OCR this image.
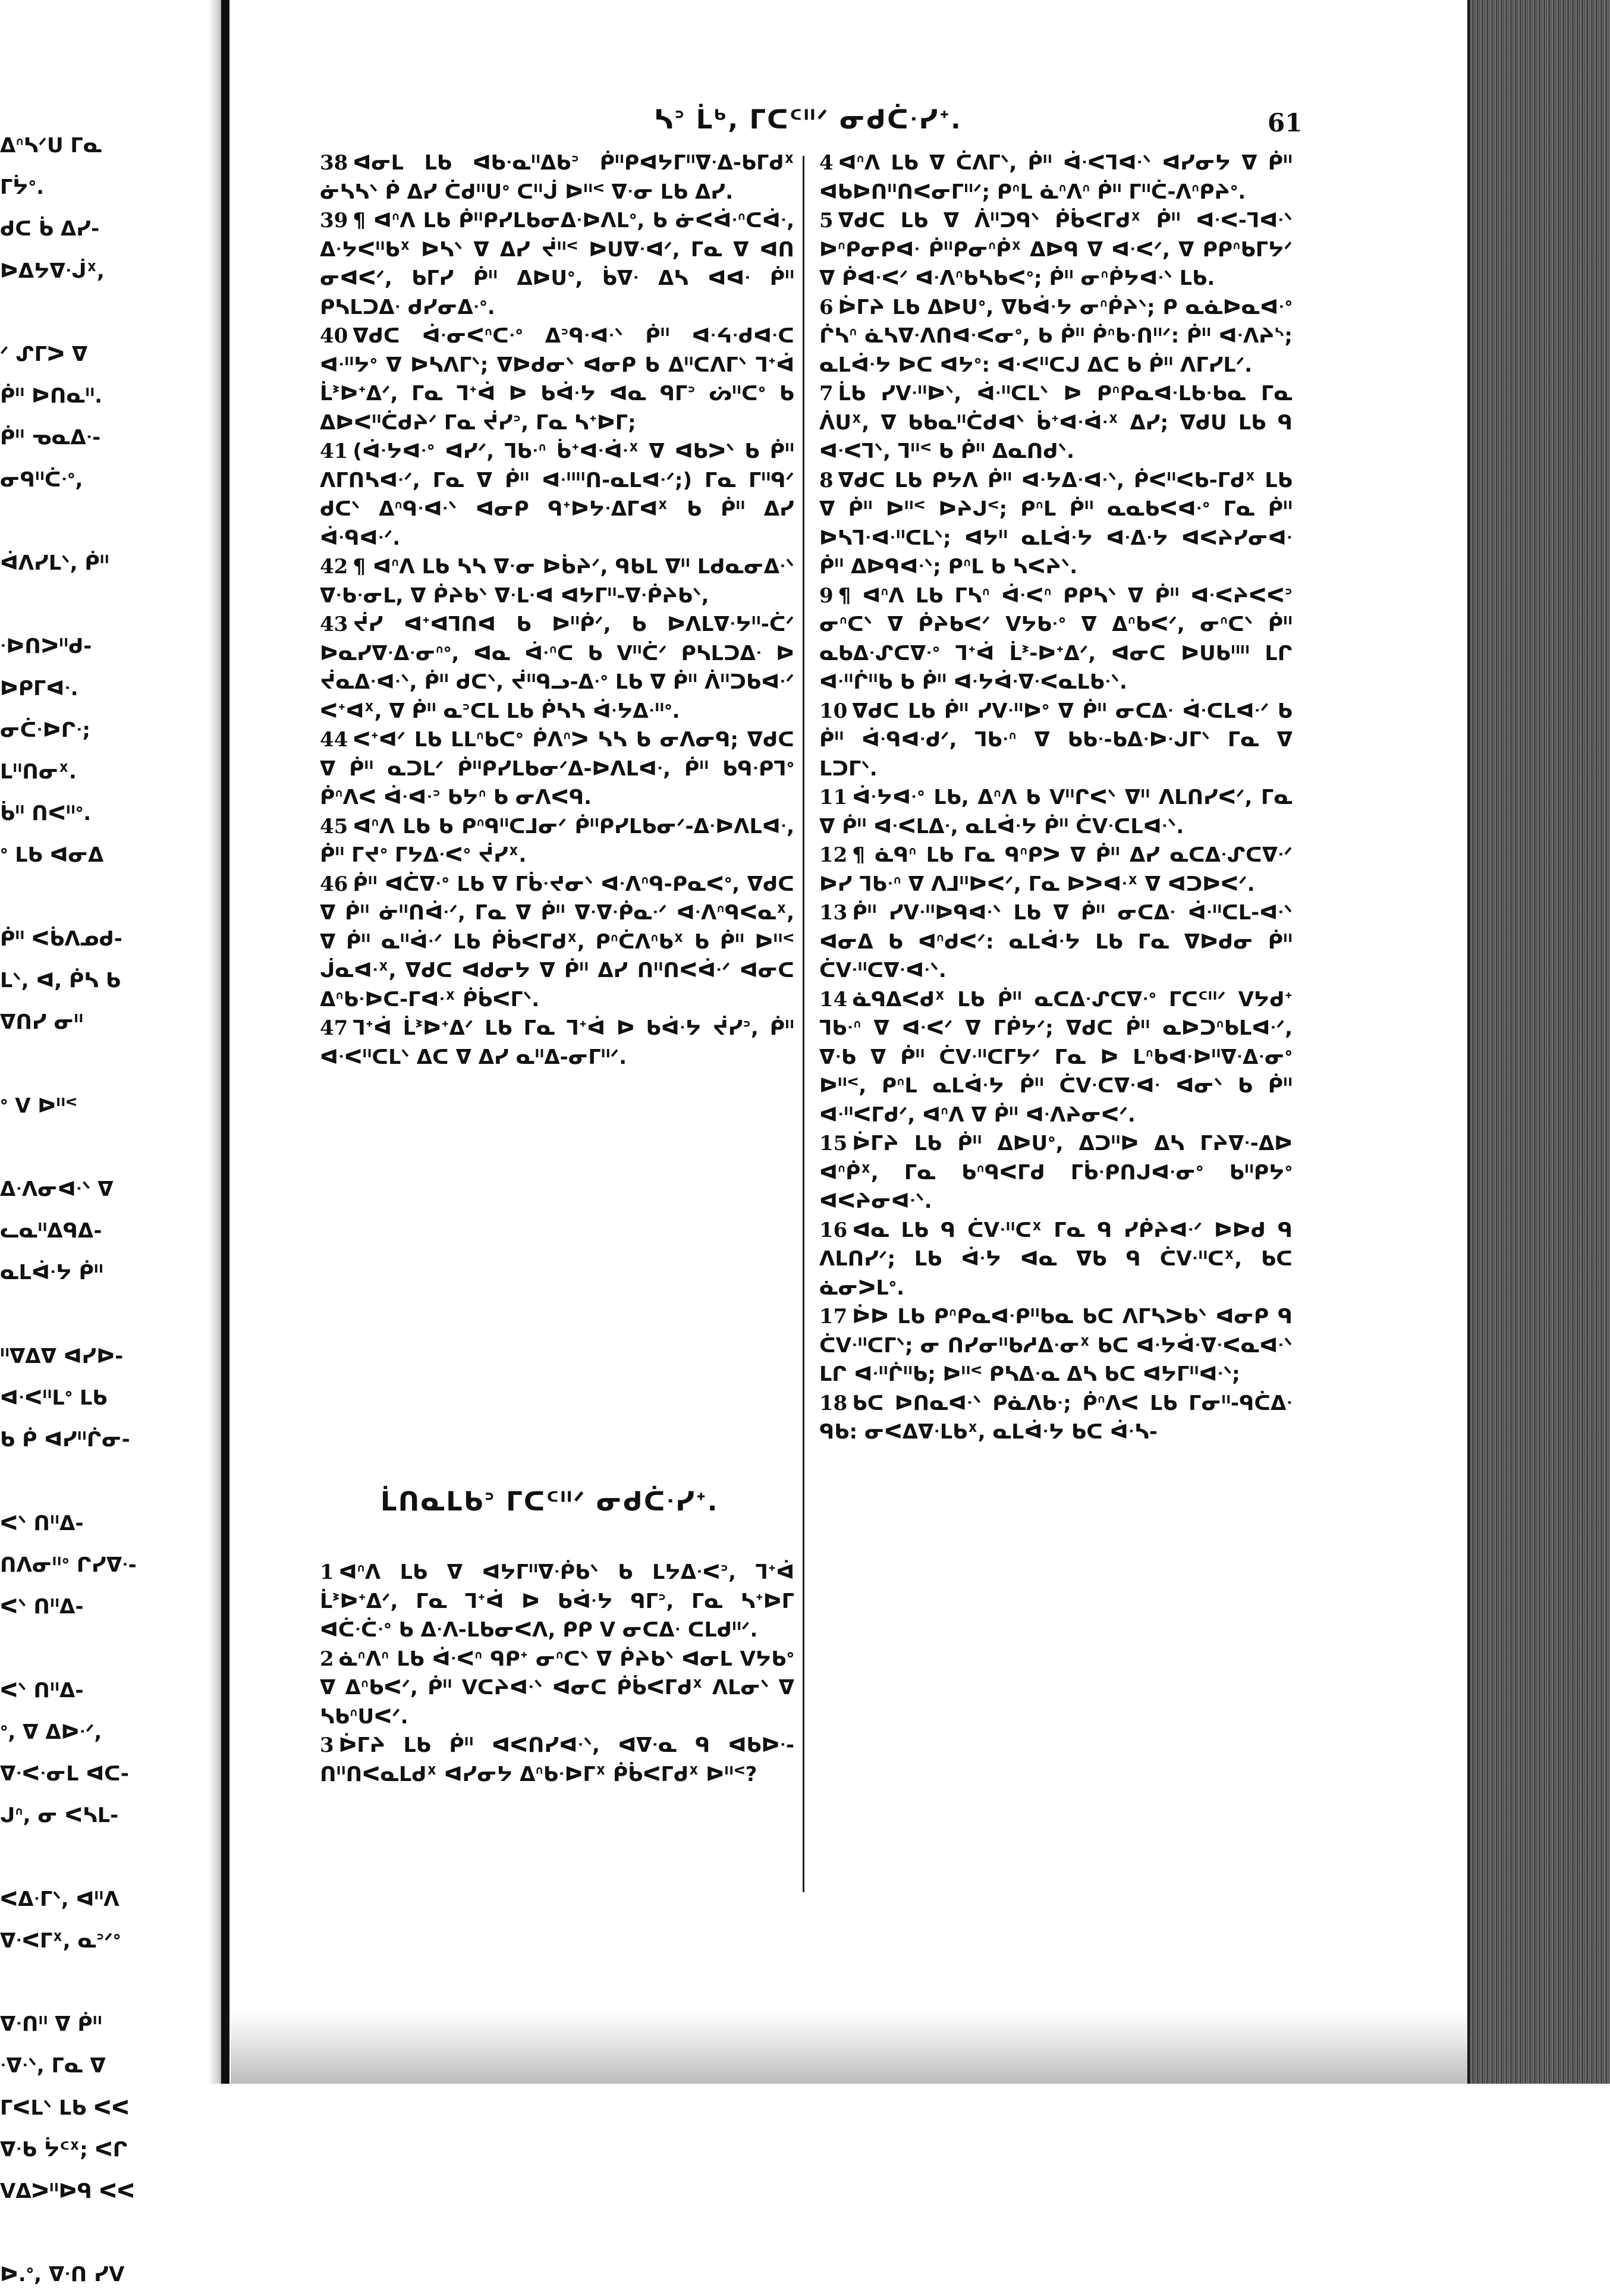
ᐃᐢᓴᐟᑌ ᒥᓇ
ᒥᔮᐤ.
ᑯᑕ ᑳ ᐃᓯ-
ᐅᐃᔭᐁᐧᒎᕽ,

ᐟ ᔑᒥᐳ ᐁ
ᑮᐦ ᐅᑎᓇᐦ.
ᑮᐦ ᓀᓇᐃᐧ-
ᓂᑫᐦᑖᐧᐤ,

ᐋᐱᓯᒪᐠ, ᑮᐦ

ᐧᐅᑎᐳᐦᑯ-
ᐅᑭᒥᐊᐧ.
ᓂᑖᐧᐅᒋᐧ;
ᒪᐦᑎᓂᕽ.
ᑳᐦ ᑎᐸᐦᐤ.
ᐤ ᒪᑲ ᐊᓂᐃ

ᑮᐦ ᐸᑳᐱᓄᑯ-
ᒪᐠ, ᐊ, ᑮᓴ ᑲ
ᐁᑎᓯ ᓂᐦ

ᐤ ᐯ ᐅᐦᑉ

ᐃᐧᐱᓂᐊᐧᐠ ᐁ
ᓚᓇᐦᐃᑫᐃ-
ᓇᒪᐋᐧᔭ ᑮᐦ

ᐦᐁᐃᐁ ᐊᓯᐅ-
ᐊᐧᐸᐦᒪᐤ ᒪᑲ
ᑲ ᑮ ᐊᓯᐦᒌᓂ-

ᐸᐠ ᑎᐦᐃ-
ᑎᐱᓂᐦᐤ ᒋᓯᐁᐧ-
ᐸᐠ ᑎᐦᐃ-

ᐸᐠ ᑎᐦᐃ-
ᐤ, ᐁ ᐃᐅᐧᐟ,
ᐁᐧᐸᐧᓂᒪ ᐊᑕ-
ᒍᐢ, ᓂ ᐸᓴᒪ-

ᐸᐃᐧᒥᐠ, ᐊᐦᐱ
ᐁᐧᐸᒥᕽ, ᓇᐣᐟᐤ

ᐁᐧᑎᐦ ᐁ ᑮᐦ
ᐧᐁᐧᐠ, ᒥᓇ ᐁ
ᒥᐸᒪᐠ ᒪᑲ ᐸᐸ
ᐁᐧᑲ ᔮᑦᕽ; ᐸᒋ
ᐯᐃᐳᐦᐅᑫ ᐸᐸ

ᐅ.ᐤ, ᐁᐧᑎ ᓯᐯ
ᓴᐣ ᒫᒃ, ᒥᑕᑦᐦᐟ ᓂᑯᑖᐧᓯᕀ.	61

38 ᐊᓂᒪ ᒪᑲ ᐊᑲᐧᓇᐦᐃᑲᐣ ᑮᐦᑭᐊᔭᒥᐦᐁᐧᐃ-ᑲᒥᑯᕽ ᓃᓴᓴᐠ ᑮ ᐃᓯ ᑖᑯᐦᑌᐤ ᑕᐦᒎ ᐅᐦᑉ ᐁᐧᓂ ᒪᑲ ᐃᓯ.

39 ¶ ᐊᐢᐱ ᒪᑲ ᑮᐦᑭᓯᒪᑲᓂᐃᐧᐅᐱᒪᐤ, ᑲ ᓃᐸᐋᐧᐢᑕᐋᐧ, ᐃᐧᔭᐸᐦᑲᕽ ᐅᓴᐠ ᐁ ᐃᓯ ᔫᐦᑉ ᐅᑌᐁᐧᐊᐟ, ᒥᓇ ᐁ ᐊᑎ ᓂᐊᐸᐟ, ᑲᒥᓯ ᑮᐦ ᐃᐅᑌᐤ, ᑳᐁᐧ ᐃᓴ ᐊᐊᐧ ᑮᐦ ᑭᓴᒪᑐᐃᐧ ᑯᓯᓂᐃᐧᐤ.

40 ᐁᑯᑕ ᐋᐧᓂᐸᐢᑕᐧᐤ ᐃᐣᑫᐧᐊᐧᐠ ᑮᐦ ᐊᐧᔦᐧᑯᐊᐧᑕ ᐊᐧᐦᔭᐤ ᐁ ᐅᓴᐱᒥᐠ; ᐁᐅᑯᓂᐠ ᐊᓂᑭ ᑲ ᐃᐦᑕᐱᒥᐠ ᒣᕀᐋ ᒫᕑᐅᕀᐃᐟ, ᒥᓇ ᒣᕀᐋ ᐅ ᑲᐋᐧᔭ ᐊᓇ ᑫᒥᐣ ᔖᐦᑕᐤ ᑲ ᐃᐅᐸᐦᑖᑯᔨᐟ ᒥᓇ ᔫᓯᐣ, ᒥᓇ ᓴᕀᐅᒥ;

41 (ᐋᐧᔭᐊᐧᐤ ᐊᓯᐟ, ᒣᑲᐧᐢ ᑳᕀᐊᐧᐋᐧᕽ ᐁ ᐊᑲᐳᐠ ᑲ ᑮᐦ ᐱᒥᑎᓴᐊᐧᐟ, ᒥᓇ ᐁ ᑮᐦ ᐊᐧᐦᐦᑎ-ᓇᒪᐊᐧᐟ;) ᒥᓇ ᒥᐦᑫᐟ ᑯᑕᐠ ᐃᐢᑫᐧᐊᐧᐠ ᐊᓂᑭ ᑫᕀᐅᔭᐧᐃᒥᐊᕽ ᑲ ᑮᐦ ᐃᓯ ᐋᐧᑫᐊᐧᐟ.

42 ¶ ᐊᐢᐱ ᒪᑲ ᓴᓴ ᐁᐧᓂ ᐅᑳᔨᐟ, ᑫᑲᒪ ᐁᐦ ᒪᑯᓇᓂᐃᐧᐠ ᐁᐧᑲᐧᓂᒪ, ᐁ ᑮᔨᑲᐠ ᐁᐧᒪᐧᐊ ᐊᔭᒥᐦ-ᐁᐧᑮᔨᑲᐠ,

43 ᔫᓯ ᐊᕀᐊᒣᑎᐊ ᑲ ᐅᐦᑮᐟ, ᑲ ᐅᐱᒪᐁᐧᔭᐦ-ᑖᐟ ᐅᓇᓯᐁᐧᐃᐧᓂᐢᐤ, ᐊᓇ ᐋᐧᐢᑕ ᑲ ᐯᐦᑖᐟ ᑭᓴᒪᑐᐃᐧ ᐅ ᔫᓇᐃᐧᐊᐧᐠ, ᑮᐦ ᑯᑕᐠ, ᔫᐦᑫᓗ-ᐃᐧᐤ ᒪᑲ ᐁ ᑮᐦ ᐲᐦᑐᑲᐊᐧᐟ ᐸᕀᐊᕽ, ᐁ ᑮᐦ ᓇᐣᑕᒪ ᒪᑲ ᑮᓴᓴ ᐋᐧᔭᐃᐧᐦᐤ.

44 ᐸᕀᐊᐟ ᒪᑲ ᒪᒪᐢᑲᑕᐤ ᑮᐱᐢᐳ ᓴᓴ ᑲ ᓂᐱᓂᑫ; ᐁᑯᑕ ᐁ ᑮᐦ ᓇᑐᒪᐟ ᑮᐦᑭᓯᒪᑲᓂᐟᐃ-ᐅᐱᒪᐊᐧ, ᑮᐦ ᑲᑫᐧᑭᒣᐤ ᑮᐢᐱᐸ ᐋᐧᐊᐧᐣ ᑲᔭᐢ ᑲ ᓂᐱᐸᑫ.

45 ᐊᐢᐱ ᒪᑲ ᑲ ᑭᐢᑫᐦᑕᒧᓂᐟ ᑮᐦᑭᓯᒪᑲᓂᐟ-ᐃᐧᐅᐱᒪᐊᐧ, ᑮᐦ ᒥᔪᐤ ᒥᔭᐃᐧᐸᐤ ᔫᓯᕽ.

46 ᑮᐦ ᐊᑖᐁᐧᐤ ᒪᑲ ᐁ ᒥᑳᐧᔪᓂᐠ ᐊᐧᐱᐢᑫ-ᑭᓇᐸᐤ, ᐁᑯᑕ ᐁ ᑮᐦ ᓃᐦᑎᐋᐧᐟ, ᒥᓇ ᐁ ᑮᐦ ᐁᐧᐁᐧᑮᓇᐧᐟ ᐊᐧᐱᐢᑫᐸᓇᕽ, ᐁ ᑮᐦ ᓇᐦᐋᐧᐟ ᒪᑲ ᑮᑳᐸᒥᑯᕽ, ᑭᐢᑖᐱᐢᑲᕽ ᑲ ᑮᐦ ᐅᐦᑉ ᒎᓇᐊᐧᕽ, ᐁᑯᑕ ᐊᑯᓂᔭ ᐁ ᑮᐦ ᐃᓯ ᑎᐦᑎᐸᐋᐧᐟ ᐊᓂᑕ ᐃᐢᑲᐧᐅᑕ-ᒥᐊᐧᕽ ᑮᑳᐸᒥᐠ.

47 ᒣᕀᐋ ᒫᕑᐅᕀᐃᐟ ᒪᑲ ᒥᓇ ᒣᕀᐋ ᐅ ᑲᐋᐧᔭ ᔫᓯᐣ, ᑮᐦ ᐊᐧᐸᐦᑕᒪᐠ ᐃᑕ ᐁ ᐃᓯ ᓇᐦᐃ-ᓂᒥᐦᐟ.

4 ᐊᐢᐱ ᒪᑲ ᐁ ᑖᐱᒥᐠ, ᑮᐦ ᐋᐧᐸᒣᐊᐧᐠ ᐊᓯᓂᔭ ᐁ ᑮᐦ ᐊᑲᐅᑎᐦᑎᐸᓂᒥᐦᐟ; ᑭᐢᒪ ᓈᐢᐱᐢ ᑮᐦ ᒥᐦᑖ-ᐱᐢᑭᔨᐤ.

5 ᐁᑯᑕ ᒪᑲ ᐁ ᐲᐦᑐᑫᐠ ᑮᑳᐸᒥᑯᕽ ᑮᐦ ᐊᐧᐸ-ᒣᐊᐧᐠ ᐅᐢᑭᓂᑭᐊᐧ ᑮᐦᑭᓂᐢᑮᕽ ᐃᐅᑫ ᐁ ᐊᐧᐸᐟ, ᐁ ᑭᑭᐢᑲᒥᔭᐟ ᐁ ᑮᐊᐧᐸᐟ ᐊᐧᐱᐢᑲᓴᑲᐸᐤ; ᑮᐦ ᓂᐢᑮᔭᐊᐧᐠ ᒪᑲ.

6 ᐆᒥᔨ ᒪᑲ ᐃᐅᑌᐤ, ᐁᑲᐋᐧᔭ ᓂᐢᑮᔨᐠ; ᑭ ᓇᓈᐅᓇᐊᐧᐤ ᒌᓴᐢ ᓈᓴᐁᐧᐱᑎᐊᐧᐸᓂᐤ, ᑲ ᑮᐦ ᑮᐢᑲᐧᑎᐦᐟ: ᑮᐦ ᐊᐧᐱᔨᔅ; ᓇᒪᐋᐧᔭ ᐅᑕ ᐊᔭᐤ: ᐊᐧᐸᐦᑕᒍ ᐃᑕ ᑲ ᑮᐦ ᐱᒥᓯᒪᐟ.

7 ᒫᑲ ᓯᐯᐧᐦᐅᐠ, ᐋᐧᐦᑕᒪᐠ ᐅ ᑭᐢᑭᓇᐊᐧᒪᑲᐧᑲᓇ ᒥᓇ ᐲᑌᕽ, ᐁ ᑲᑲᓇᐦᑖᑯᐊᐠ ᑳᕀᐊᐧᐋᐧᕽ ᐃᓯ; ᐁᑯᑌ ᒪᑲ ᑫ ᐊᐧᐸᒣᐠ, ᒣᐦᑉ ᑲ ᑮᐦ ᐃᓇᑎᑯᐠ.

8 ᐁᑯᑕ ᒪᑲ ᑭᔭᐱ ᑮᐦ ᐊᐧᔭᐃᐧᐊᐧᐠ, ᑮᐸᐦᐸᑲ-ᒥᑯᕽ ᒪᑲ ᐁ ᑮᐦ ᐅᐦᑉ ᐅᔨᒍᑉ; ᑭᐢᒪ ᑮᐦ ᓇᓇᑲᐸᐊᐧᐤ ᒥᓇ ᑮᐦ ᐅᓴᒣᐧᐊᐧᐦᑕᒪᐠ; ᐊᔭᐦ ᓇᒪᐋᐧᔭ ᐊᐧᐃᐧᔭ ᐊᐸᔨᓯᓂᐊᐧ ᑮᐦ ᐃᐅᑫᐊᐧᐠ; ᑭᐢᒪ ᑲ ᓴᐸᔨᐠ.

9 ¶ ᐊᐢᐱ ᒪᑲ ᒥᓴᐢ ᐋᐧᐸᐢ ᑭᑭᓴᐠ ᐁ ᑮᐦ ᐊᐧᐸᔨᐸᐸᐣ ᓂᐢᑕᐠ ᐁ ᑮᔨᑲᐸᐟ ᐯᔭᑲᐧᐤ ᐁ ᐃᐢᑲᐸᐟ, ᓂᐢᑕᐠ ᑮᐦ ᓇᑲᐃᐧᔑᑕᐁᐧᐤ ᒣᕀᐋ ᒫᕑ-ᐅᕀᐃᐟ, ᐊᓂᑕ ᐅᑌᑲᐦᐦ ᒪᒋ ᐊᐧᐦᒌᐦᑲ ᑲ ᑮᐦ ᐊᐧᔭᐋᐧᐁᐧᐸᓇᒪᑲᐧᐠ.

10 ᐁᑯᑕ ᒪᑲ ᑮᐦ ᓯᐯᐧᐦᐅᐤ ᐁ ᑮᐦ ᓂᑕᐃᐧ ᐋᐧᑕᒪᐊᐧᐟ ᑲ ᑮᐦ ᐋᐧᑫᐊᐧᑯᐟ, ᒣᑲᐧᐢ ᐁ ᑲᑲᐧ-ᑲᐃᐧᐅᐧᒍᒥᐠ ᒥᓇ ᐁ ᒪᑐᒥᐠ.

11 ᐋᐧᔭᐊᐧᐤ ᒪᑲ, ᐃᐢᐱ ᑲ ᐯᐦᒋᐸᐠ ᐁᐦ ᐱᒪᑎᓯᐸᐟ, ᒥᓇ ᐁ ᑮᐦ ᐊᐧᐸᒪᐃᐧ, ᓇᒪᐋᐧᔭ ᑮᐦ ᑖᐯᐧᑕᒪᐊᐧᐠ.

12 ¶ ᓈᑫᐢ ᒪᑲ ᒥᓇ ᑫᐢᑭᐳ ᐁ ᑮᐦ ᐃᓯ ᓇᑕᐃᐧᔑᑕᐁᐧᐟ ᐅᓯ ᒣᑲᐧᐢ ᐁ ᐱᒧᐦᐅᐸᐟ, ᒥᓇ ᐅᐳᐊᐧᕽ ᐁ ᐊᑐᐅᐸᐟ.

13 ᑮᐦ ᓯᐯᐧᐦᐅᑫᐊᐧᐠ ᒪᑲ ᐁ ᑮᐦ ᓂᑕᐃᐧ ᐋᐧᐦᑕᒪ-ᐊᐧᐠ ᐊᓂᐃ ᑲ ᐊᐢᑯᐸᐟ: ᓇᒪᐋᐧᔭ ᒪᑲ ᒥᓇ ᐁᐅᑯᓂ ᑮᐦ ᑖᐯᐧᐦᑕᐁᐧᐊᐧᐠ.

14 ᓈᑫᐃᐸᑯᕽ ᒪᑲ ᑮᐦ ᓇᑕᐃᐧᔑᑕᐁᐧᐤ ᒥᑕᑦᐦᐟ ᐯᔭᑯᕀ ᒣᑲᐧᐢ ᐁ ᐊᐧᐸᐟ ᐁ ᒥᑮᔭᐟ; ᐁᑯᑕ ᑮᐦ ᓇᐅᑐᐢᑲᒪᐊᐧᐟ, ᐁᐧᑲ ᐁ ᑮᐦ ᑖᐯᐧᐦᑕᒥᔭᐟ ᒥᓇ ᐅ ᒪᐢᑲᐊᐧᐅᐦᐁᐧᐃᐧᓂᐤ ᐅᐦᑉ, ᑭᐢᒪ ᓇᒪᐋᐧᔭ ᑮᐦ ᑖᐯᐧᑕᐁᐧᐊᐧ ᐊᓂᐠ ᑲ ᑮᐦ ᐊᐧᐦᐸᒥᑯᐟ, ᐊᐢᐱ ᐁ ᑮᐦ ᐊᐧᐱᔨᓂᐸᐟ.

15 ᐆᒥᔨ ᒪᑲ ᑮᐦ ᐃᐅᑌᐤ, ᐃᑐᐦᐅ ᐃᓴ ᒥᔨᐁᐧ-ᐃᐅ ᐊᐢᑮᕽ, ᒥᓇ ᑲᐢᑫᐸᒥᑯ ᒥᑳᐧᑭᑎᒍᐊᐧᓂᐤ ᑲᐦᑭᔭᐤ ᐊᐸᔨᓂᐊᐧᐠ.

16 ᐊᓇ ᒪᑲ ᑫ ᑖᐯᐧᐦᑕᕽ ᒥᓇ ᑫ ᓯᑮᔨᐊᐧᐟ ᐅᐅᑯ ᑫ ᐱᒪᑎᓯᐟ; ᒪᑲ ᐋᐧᔭ ᐊᓇ ᐁᑲ ᑫ ᑖᐯᐧᐦᑕᕽ, ᑲᑕ ᓈᓂᐳᒪᐤ.

17 ᐆᐅ ᒪᑲ ᑭᐢᑭᓇᐊᐧᑭᐦᑲᓇ ᑲᑕ ᐱᒥᓴᐳᑲᐠ ᐊᓂᑭ ᑫ ᑖᐯᐧᐦᑕᒥᐠ; ᓂ ᑎᓯᓂᐦᑲᓱᐃᐧᓂᕽ ᑲᑕ ᐊᐧᔭᐋᐧᐁᐧᐸᓇᐊᐧᐠ ᒪᒋ ᐊᐧᐦᒌᐦᑲ; ᐅᐦᑉ ᑭᓴᐃᐧᓇ ᐃᓴ ᑲᑕ ᐊᔭᒥᐦᐊᐧᐠ;

18 ᑲᑕ ᐅᑎᓇᐊᐧᐠ ᑭᓈᐱᑲᐧ; ᑮᐢᐱᐸ ᒪᑲ ᒥᓂᐦ-ᑫᑖᐃᐧ ᑫᑲ: ᓂᐸᐃᐁᐧᒪᑲᕽ, ᓇᒪᐋᐧᔭ ᑲᑕ ᐋᐧᓴ-

ᒫᑎᓇᒪᑲᐣ ᒥᑕᑦᐦᐟ ᓂᑯᑖᐧᓯᕀ.

1 ᐊᐢᐱ ᒪᑲ ᐁ ᐊᔭᒥᐦᐁᐧᑮᑲᐠ ᑲ ᒪᔭᐃᐧᐸᐣ, ᒣᕀᐋ ᒫᕑᐅᕀᐃᐟ, ᒥᓇ ᒣᕀᐋ ᐅ ᑲᐋᐧᔭ ᑫᒥᐣ, ᒥᓇ ᓴᕀᐅᒥ ᐊᑖᐧᑖᐧᐤ ᑲ ᐃᐧᐱ-ᒪᑲᓂᐸᐱ, ᑭᑭ ᐯ ᓂᑕᐃᐧ ᑕᒪᑯᐦᐟ.

2 ᓈᐢᐱᐢ ᒪᑲ ᐋᐧᐸᐢ ᑫᑭᕀ ᓂᐢᑕᐠ ᐁ ᑮᔨᑲᐠ ᐊᓂᒪ ᐯᔭᑲᐤ ᐁ ᐃᐢᑲᐸᐟ, ᑮᐦ ᐯᑕᔨᐊᐧᐠ ᐊᓂᑕ ᑮᑳᐸᒥᑯᕽ ᐱᒪᓂᐠ ᐁ ᓴᑲᐢᑌᐸᐟ.

3 ᐆᒥᔨ ᒪᑲ ᑮᐦ ᐊᐸᑎᓯᐊᐧᐠ, ᐊᐁᐧᓇ ᑫ ᐊᑲᐅᐧ-ᑎᐦᑎᐸᓇᒪᑯᕽ ᐊᓯᓂᔭ ᐃᐢᑲᐧᐅᒥᕽ ᑮᑳᐸᒥᑯᕽ ᐅᐦᑉ?
